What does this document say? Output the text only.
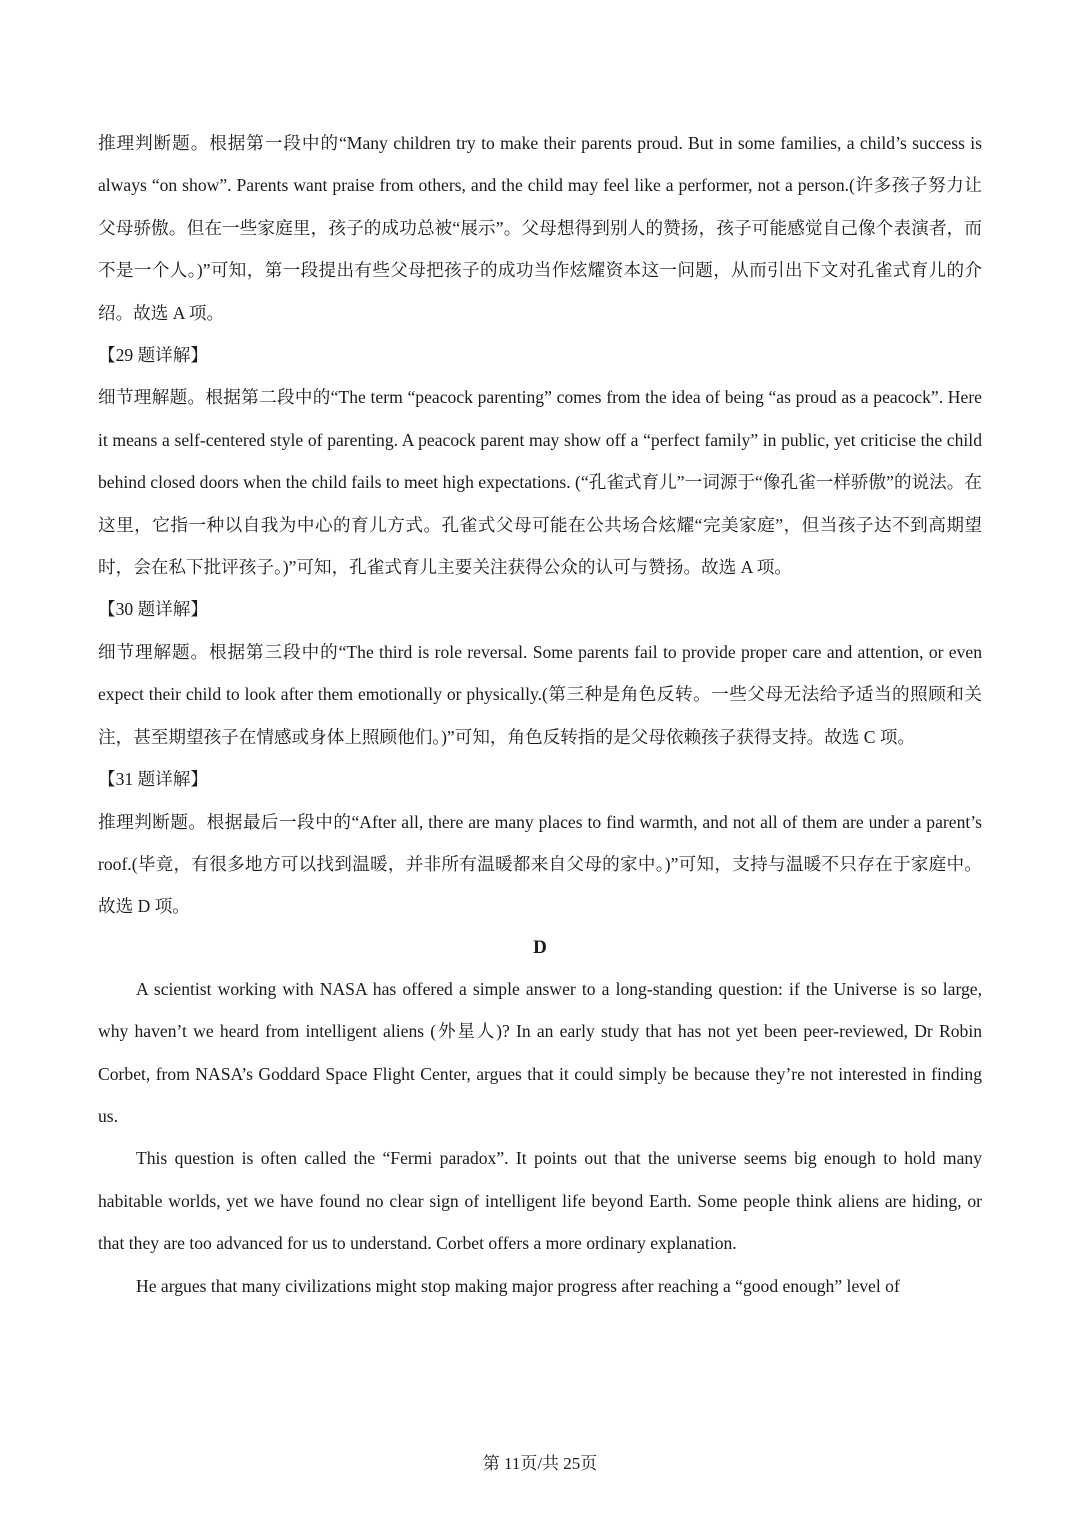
推理判断题。根据第一段中的“Many children try to make their parents proud. But in some families, a child’s success is always “on show”. Parents want praise from others, and the child may feel like a performer, not a person.(许多孩子努力让父母骄傲。但在一些家庭里，孩子的成功总被“展示”。父母想得到别人的赞扬，孩子可能感觉自己像个表演者，而不是一个人。)”可知，第一段提出有些父母把孩子的成功当作炫耀资本这一问题，从而引出下文对孔雀式育儿的介绍。故选 A 项。

【29 题详解】

细节理解题。根据第二段中的“The term “peacock parenting” comes from the idea of being “as proud as a peacock”. Here it means a self-centered style of parenting. A peacock parent may show off a “perfect family” in public, yet criticise the child behind closed doors when the child fails to meet high expectations. (“孔雀式育儿”一词源于“像孔雀一样骄傲”的说法。在这里，它指一种以自我为中心的育儿方式。孔雀式父母可能在公共场合炫耀“完美家庭”，但当孩子达不到高期望时，会在私下批评孩子。)”可知，孔雀式育儿主要关注获得公众的认可与赞扬。故选 A 项。

【30 题详解】

细节理解题。根据第三段中的“The third is role reversal. Some parents fail to provide proper care and attention, or even expect their child to look after them emotionally or physically.(第三种是角色反转。一些父母无法给予适当的照顾和关注，甚至期望孩子在情感或身体上照顾他们。)”可知，角色反转指的是父母依赖孩子获得支持。故选 C 项。

【31 题详解】

推理判断题。根据最后一段中的“After all, there are many places to find warmth, and not all of them are under a parent’s roof.(毕竟，有很多地方可以找到温暖，并非所有温暖都来自父母的家中。)”可知，支持与温暖不只存在于家庭中。故选 D 项。

D

A scientist working with NASA has offered a simple answer to a long-standing question: if the Universe is so large, why haven’t we heard from intelligent aliens (外星人)? In an early study that has not yet been peer-reviewed, Dr Robin Corbet, from NASA’s Goddard Space Flight Center, argues that it could simply be because they’re not interested in finding us.

This question is often called the “Fermi paradox”. It points out that the universe seems big enough to hold many habitable worlds, yet we have found no clear sign of intelligent life beyond Earth. Some people think aliens are hiding, or that they are too advanced for us to understand. Corbet offers a more ordinary explanation.

He argues that many civilizations might stop making major progress after reaching a “good enough” level of

第 11页/共 25页
